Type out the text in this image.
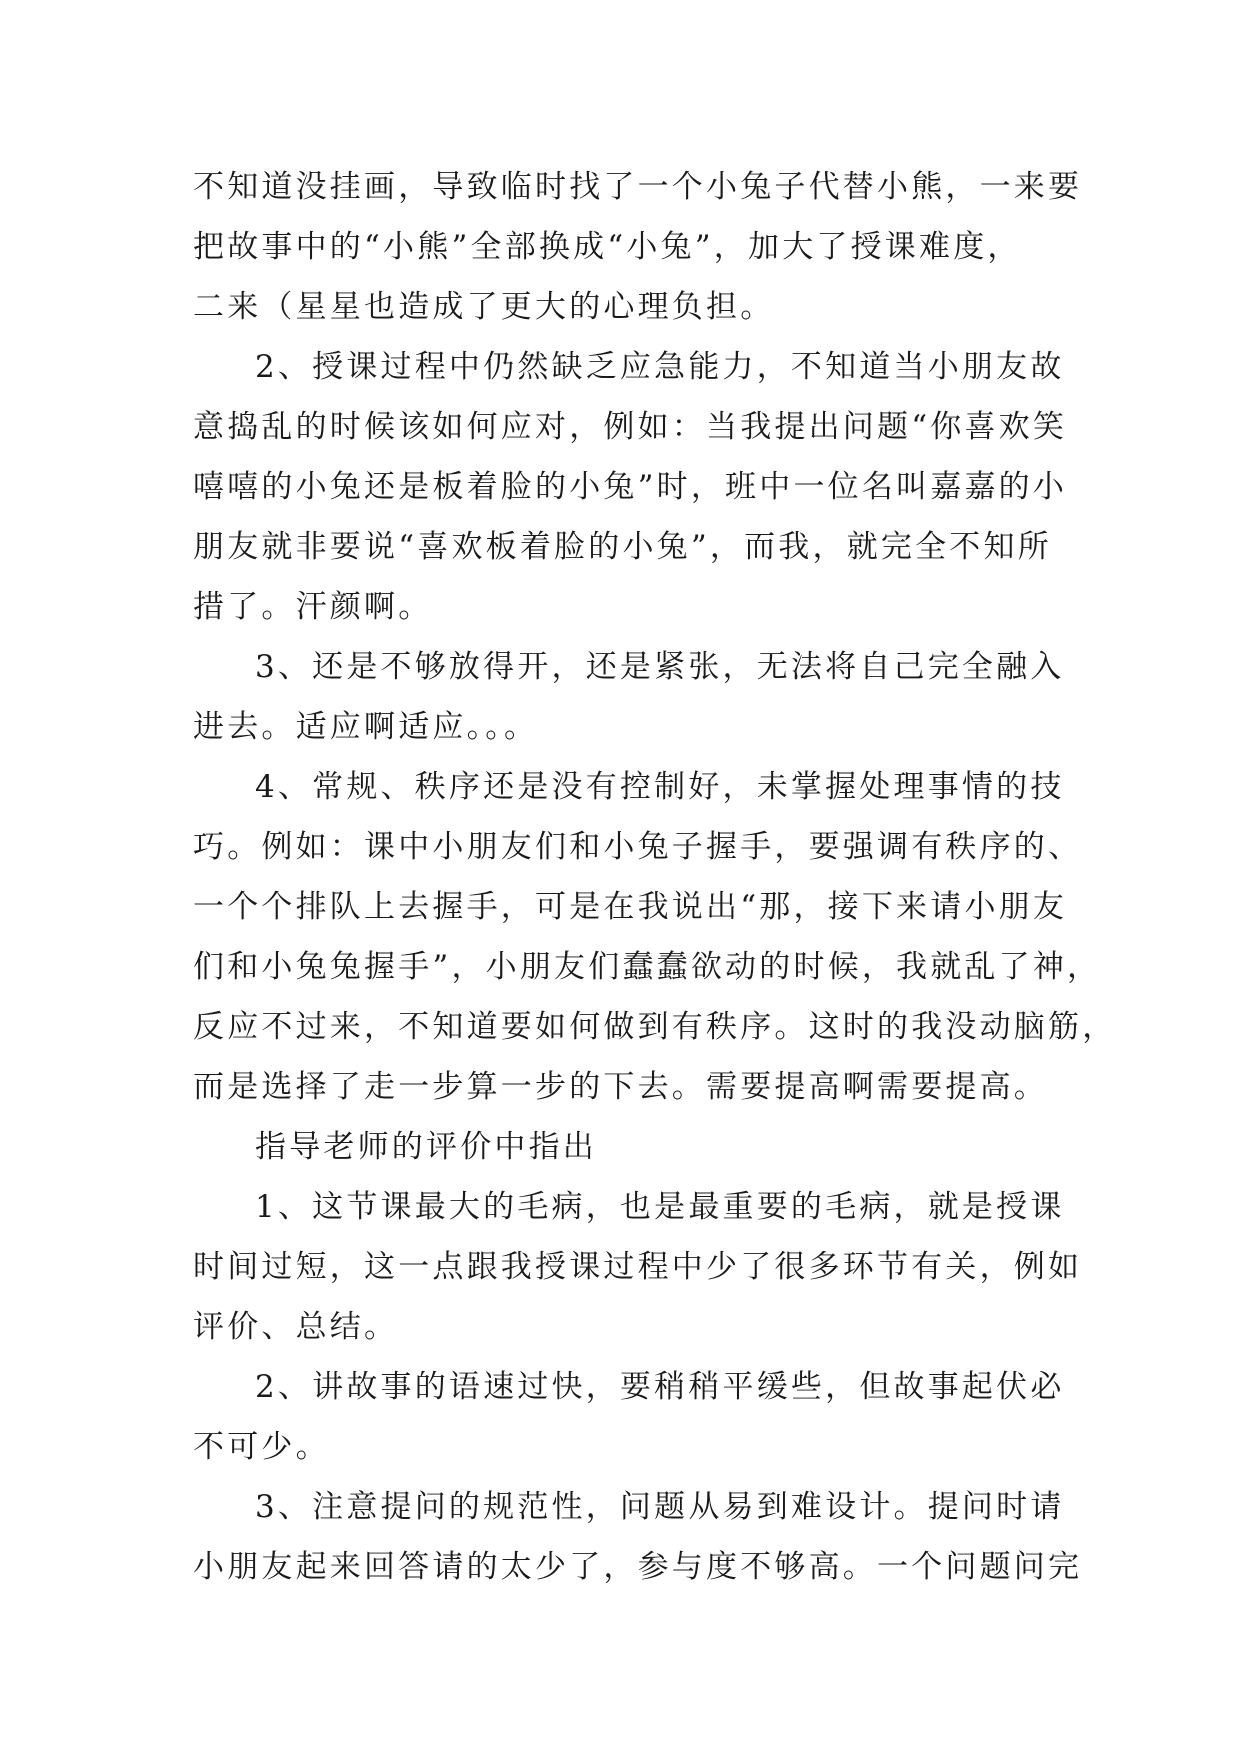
不知道没挂画，导致临时找了一个小兔子代替小熊，一来要
把故事中的“小熊”全部换成“小兔”，加大了授课难度，
二来（星星也造成了更大的心理负担。
2、授课过程中仍然缺乏应急能力，不知道当小朋友故
意捣乱的时候该如何应对，例如：当我提出问题“你喜欢笑
嘻嘻的小兔还是板着脸的小兔”时，班中一位名叫嘉嘉的小
朋友就非要说“喜欢板着脸的小兔”，而我，就完全不知所
措了。汗颜啊。
3、还是不够放得开，还是紧张，无法将自己完全融入
进去。适应啊适应。。。
4、常规、秩序还是没有控制好，未掌握处理事情的技
巧。例如：课中小朋友们和小兔子握手，要强调有秩序的、
一个个排队上去握手，可是在我说出“那，接下来请小朋友
们和小兔兔握手”，小朋友们蠢蠢欲动的时候，我就乱了神，
反应不过来，不知道要如何做到有秩序。这时的我没动脑筋，
而是选择了走一步算一步的下去。需要提高啊需要提高。
指导老师的评价中指出
1、这节课最大的毛病，也是最重要的毛病，就是授课
时间过短，这一点跟我授课过程中少了很多环节有关，例如
评价、总结。
2、讲故事的语速过快，要稍稍平缓些，但故事起伏必
不可少。
3、注意提问的规范性，问题从易到难设计。提问时请
小朋友起来回答请的太少了，参与度不够高。一个问题问完
